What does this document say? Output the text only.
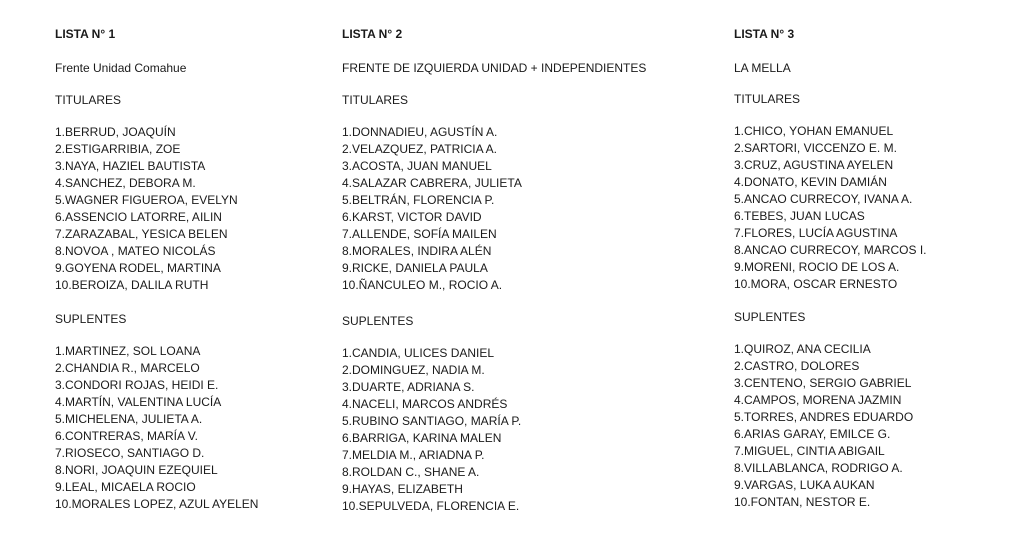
LISTA N° 1
Frente Unidad Comahue
TITULARES
1.BERRUD, JOAQUÍN
2.ESTIGARRIBIA, ZOE
3.NAYA, HAZIEL BAUTISTA
4.SANCHEZ, DEBORA M.
5.WAGNER FIGUEROA, EVELYN
6.ASSENCIO LATORRE, AILIN
7.ZARAZABAL, YESICA BELEN
8.NOVOA , MATEO NICOLÁS
9.GOYENA RODEL, MARTINA
10.BEROIZA, DALILA RUTH
SUPLENTES
1.MARTINEZ, SOL LOANA
2.CHANDIA R., MARCELO
3.CONDORI ROJAS, HEIDI E.
4.MARTÍN, VALENTINA LUCÍA
5.MICHELENA, JULIETA A.
6.CONTRERAS, MARÍA V.
7.RIOSECO, SANTIAGO D.
8.NORI, JOAQUIN EZEQUIEL
9.LEAL, MICAELA ROCIO
10.MORALES LOPEZ, AZUL AYELEN
LISTA N° 2
FRENTE DE IZQUIERDA UNIDAD + INDEPENDIENTES
TITULARES
1.DONNADIEU, AGUSTÍN A.
2.VELAZQUEZ, PATRICIA A.
3.ACOSTA, JUAN MANUEL
4.SALAZAR CABRERA, JULIETA
5.BELTRÁN, FLORENCIA P.
6.KARST, VICTOR DAVID
7.ALLENDE, SOFÍA MAILEN
8.MORALES, INDIRA ALÉN
9.RICKE, DANIELA PAULA
10.ÑANCULEO M., ROCIO A.
SUPLENTES
1.CANDIA, ULICES DANIEL
2.DOMINGUEZ, NADIA M.
3.DUARTE, ADRIANA S.
4.NACELI, MARCOS ANDRÉS
5.RUBINO SANTIAGO, MARÍA P.
6.BARRIGA, KARINA MALEN
7.MELDIA M., ARIADNA P.
8.ROLDAN C., SHANE A.
9.HAYAS, ELIZABETH
10.SEPULVEDA, FLORENCIA E.
LISTA N° 3
LA MELLA
TITULARES
1.CHICO, YOHAN EMANUEL
2.SARTORI, VICCENZO E. M.
3.CRUZ, AGUSTINA AYELEN
4.DONATO, KEVIN DAMIÁN
5.ANCAO CURRECOY, IVANA A.
6.TEBES, JUAN LUCAS
7.FLORES, LUCÍA AGUSTINA
8.ANCAO CURRECOY, MARCOS I.
9.MORENI, ROCIO DE LOS A.
10.MORA, OSCAR ERNESTO
SUPLENTES
1.QUIROZ, ANA CECILIA
2.CASTRO, DOLORES
3.CENTENO, SERGIO GABRIEL
4.CAMPOS, MORENA JAZMIN
5.TORRES, ANDRES EDUARDO
6.ARIAS GARAY, EMILCE G.
7.MIGUEL, CINTIA ABIGAIL
8.VILLABLANCA, RODRIGO A.
9.VARGAS, LUKA AUKAN
10.FONTAN, NESTOR E.
